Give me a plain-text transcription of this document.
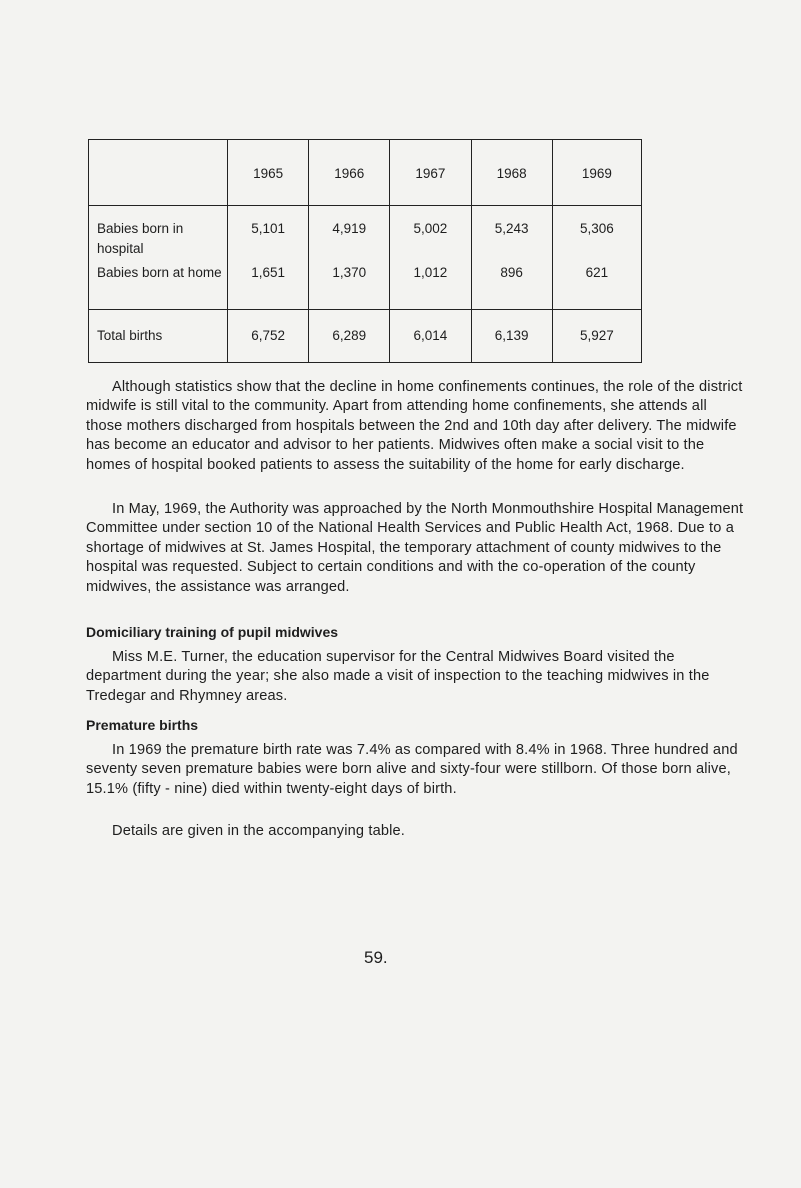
	1965	1966	1967	1968	1969
Babies born in hospital	5,101	4,919	5,002	5,243	5,306
Babies born at home	1,651	1,370	1,012	896	621
Total births	6,752	6,289	6,014	6,139	5,927

Although statistics show that the decline in home confinements continues, the role of the district midwife is still vital to the community. Apart from attending home confinements, she attends all those mothers discharged from hospitals between the 2nd and 10th day after delivery. The midwife has become an educator and advisor to her patients. Midwives often make a social visit to the homes of hospital booked patients to assess the suitability of the home for early discharge.

In May, 1969, the Authority was approached by the North Monmouthshire Hospital Management Committee under section 10 of the National Health Services and Public Health Act, 1968. Due to a shortage of midwives at St. James Hospital, the temporary attachment of county midwives to the hospital was requested. Subject to certain conditions and with the co-operation of the county midwives, the assistance was arranged.

Domiciliary training of pupil midwives

Miss M.E. Turner, the education supervisor for the Central Midwives Board visited the department during the year; she also made a visit of inspection to the teaching midwives in the Tredegar and Rhymney areas.

Premature births

In 1969 the premature birth rate was 7.4% as compared with 8.4% in 1968. Three hundred and seventy seven premature babies were born alive and sixty-four were stillborn. Of those born alive, 15.1% (fifty - nine) died within twenty-eight days of birth.

Details are given in the accompanying table.

59.
